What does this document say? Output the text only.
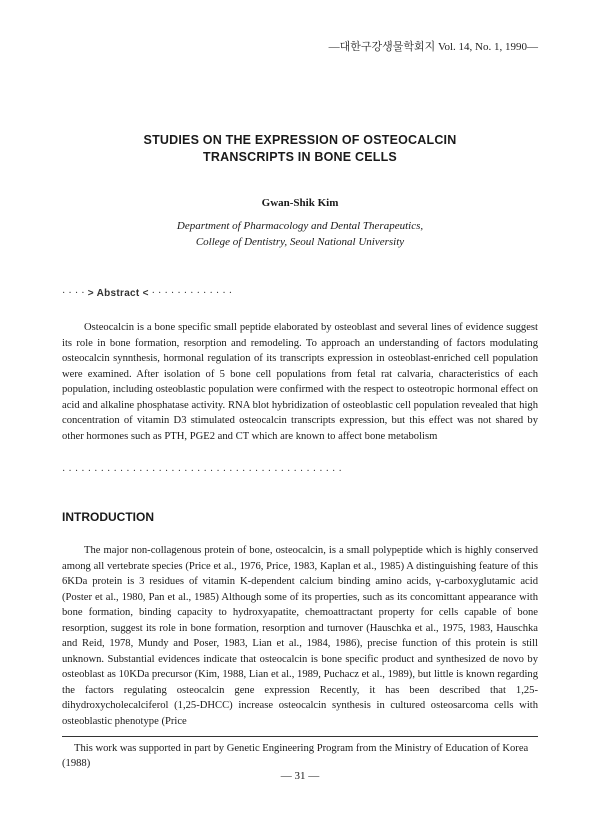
—대한구강생물학회지 Vol. 14, No. 1, 1990—
STUDIES ON THE EXPRESSION OF OSTEOCALCIN
TRANSCRIPTS IN BONE CELLS
Gwan-Shik Kim
Department of Pharmacology and Dental Therapeutics,
College of Dentistry, Seoul National University
· · · · > Abstract < · · · · · · · · · · · · ·

Osteocalcin is a bone specific small peptide elaborated by osteoblast and several lines of evidence suggest its role in bone formation, resorption and remodeling. To approach an understanding of factors modulating osteocalcin synnthesis, hormonal regulation of its transcripts expression in osteoblast-enriched cell population were examined. After isolation of 5 bone cell populations from fetal rat calvaria, characteristics of each population, including osteoblastic population were confirmed with the respect to osteotropic hormonal effect on acid and alkaline phosphatase activity. RNA blot hybridization of osteoblastic cell population revealed that high concentration of vitamin D3 stimulated osteocalcin transcripts expression, but this effect was not shared by other hormones such as PTH, PGE2 and CT which are known to affect bone metabolism

· · · · · · · · · · · · · · · · · · · · · · · · · · · · · · · · · · · · · · · · · · · ·
INTRODUCTION

The major non-collagenous protein of bone, osteocalcin, is a small polypeptide which is highly conserved among all vertebrate species (Price et al., 1976, Price, 1983, Kaplan et al., 1985) A distinguishing feature of this 6KDa protein is 3 residues of vitamin K-dependent calcium binding amino acids, γ-carboxyglutamic acid (Poster et al., 1980, Pan et al., 1985) Although some of its properties, such as its concomittant appearance with bone formation, binding capacity to hydroxyapatite, chemoattractant property for cells capable of bone resorption, suggest its role in bone formation, resorption and turnover (Hauschka et al., 1975, 1983, Hauschka and Reid, 1978, Mundy and Poser, 1983, Lian et al., 1984, 1986), precise function of this protein is still unknown. Substantial evidences indicate that osteocalcin is bone specific product and synthesized de novo by osteoblast as 10KDa precursor (Kim, 1988, Lian et al., 1989, Puchacz et al., 1989), but little is known regarding the factors regulating osteocalcin gene expression Recently, it has been described that 1,25-dihydroxycholecalciferol (1,25-DHCC) increase osteocalcin synthesis in cultured osteosarcoma cells with osteoblastic phenotype (Price

This work was supported in part by Genetic Engineering Program from the Ministry of Education of Korea (1988)

— 31 —
